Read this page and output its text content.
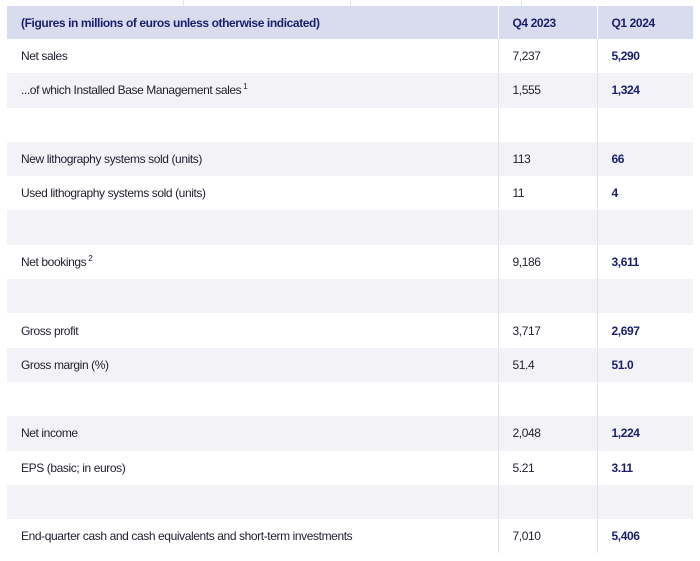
(Figures in millions of euros unless otherwise indicated)	Q4 2023	Q1 2024
Net sales	7,237	5,290
...of which Installed Base Management sales $^1$	1,555	1,324

New lithography systems sold (units)	113	66
Used lithography systems sold (units)	11	4

Net bookings $^2$	9,186	3,611

Gross profit	3,717	2,697
Gross margin (%)	51.4	51.0

Net income	2,048	1,224
EPS (basic; in euros)	5.21	3.11

End-quarter cash and cash equivalents and short-term investments	7,010	5,406
